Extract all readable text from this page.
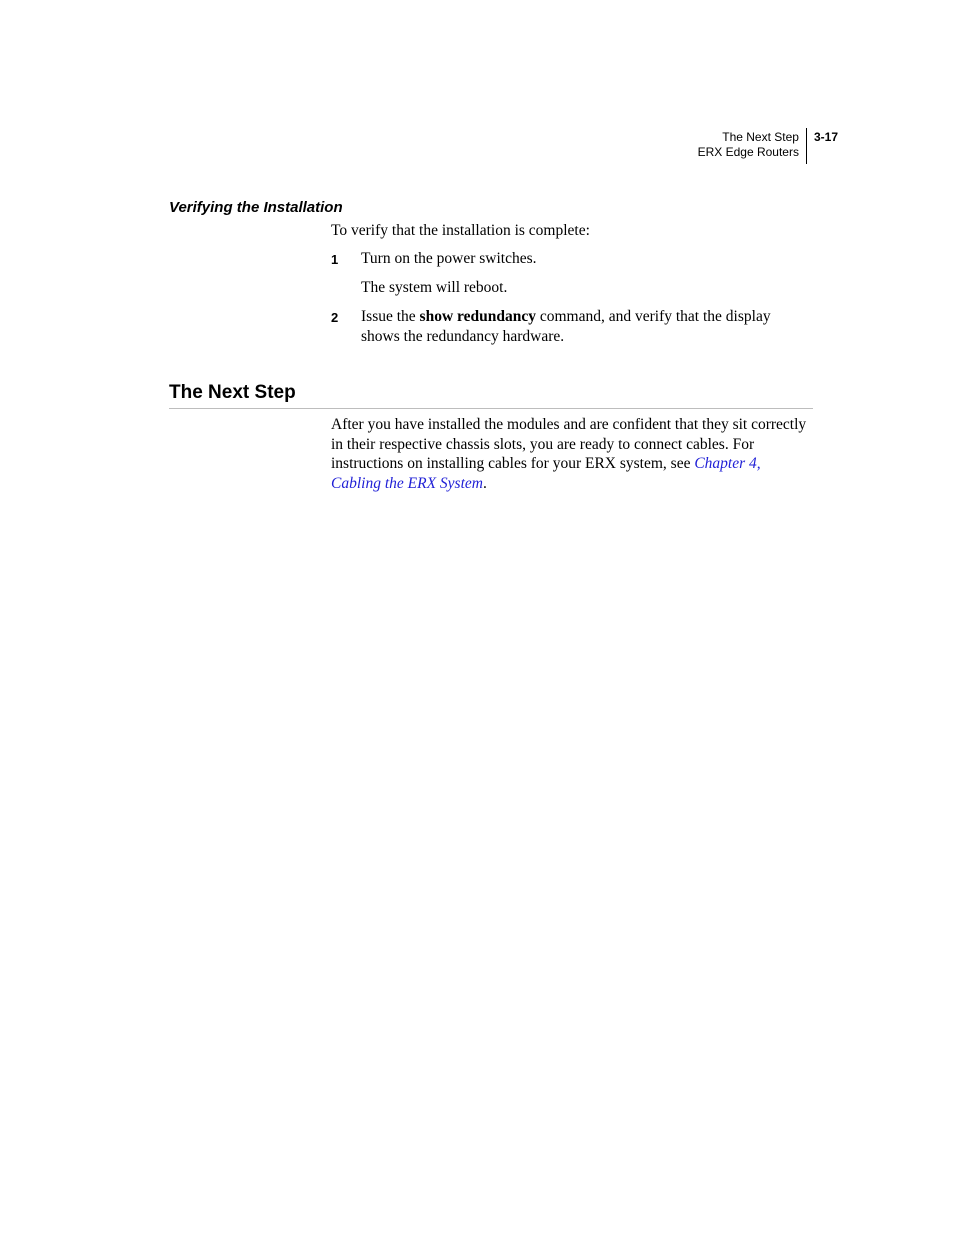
The Next Step
ERX Edge Routers
3-17
Verifying the Installation

To verify that the installation is complete:

1	Turn on the power switches.

The system will reboot.

2	Issue the show redundancy command, and verify that the display shows the redundancy hardware.

The Next Step

After you have installed the modules and are confident that they sit correctly in their respective chassis slots, you are ready to connect cables. For instructions on installing cables for your ERX system, see Chapter 4, Cabling the ERX System.
